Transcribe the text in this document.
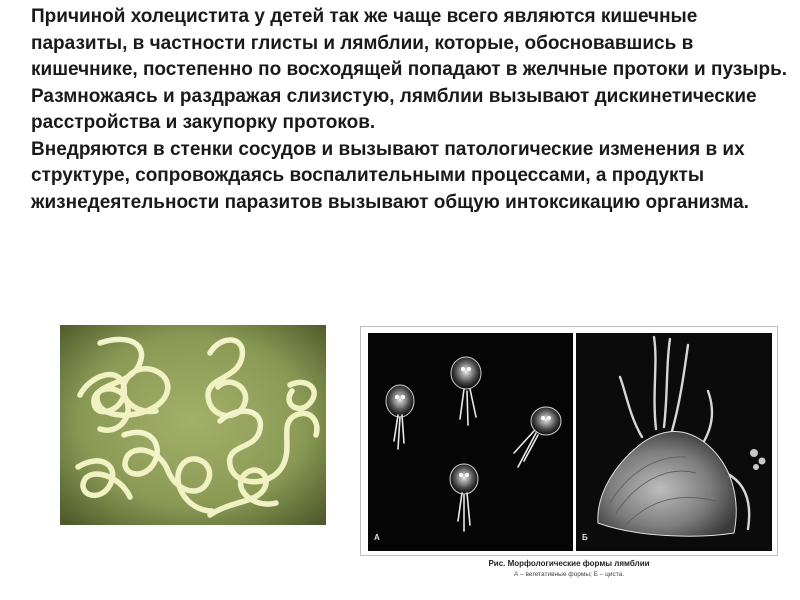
Причиной холецистита у детей так же чаще всего являются кишечные паразиты, в частности глисты и лямблии, которые, обосновавшись в кишечнике, постепенно по восходящей попадают в желчные протоки и пузырь. Размножаясь и раздражая слизистую, лямблии вызывают дискинетические расстройства и закупорку протоков.

Внедряются в стенки сосудов и вызывают патологические изменения в их структуре, сопровождаясь воспалительными процессами, а продукты жизнедеятельности паразитов вызывают общую интоксикацию организма.

А	Б
Рис. Морфологические формы лямблии
А – вегетативные формы; Б – циста.
